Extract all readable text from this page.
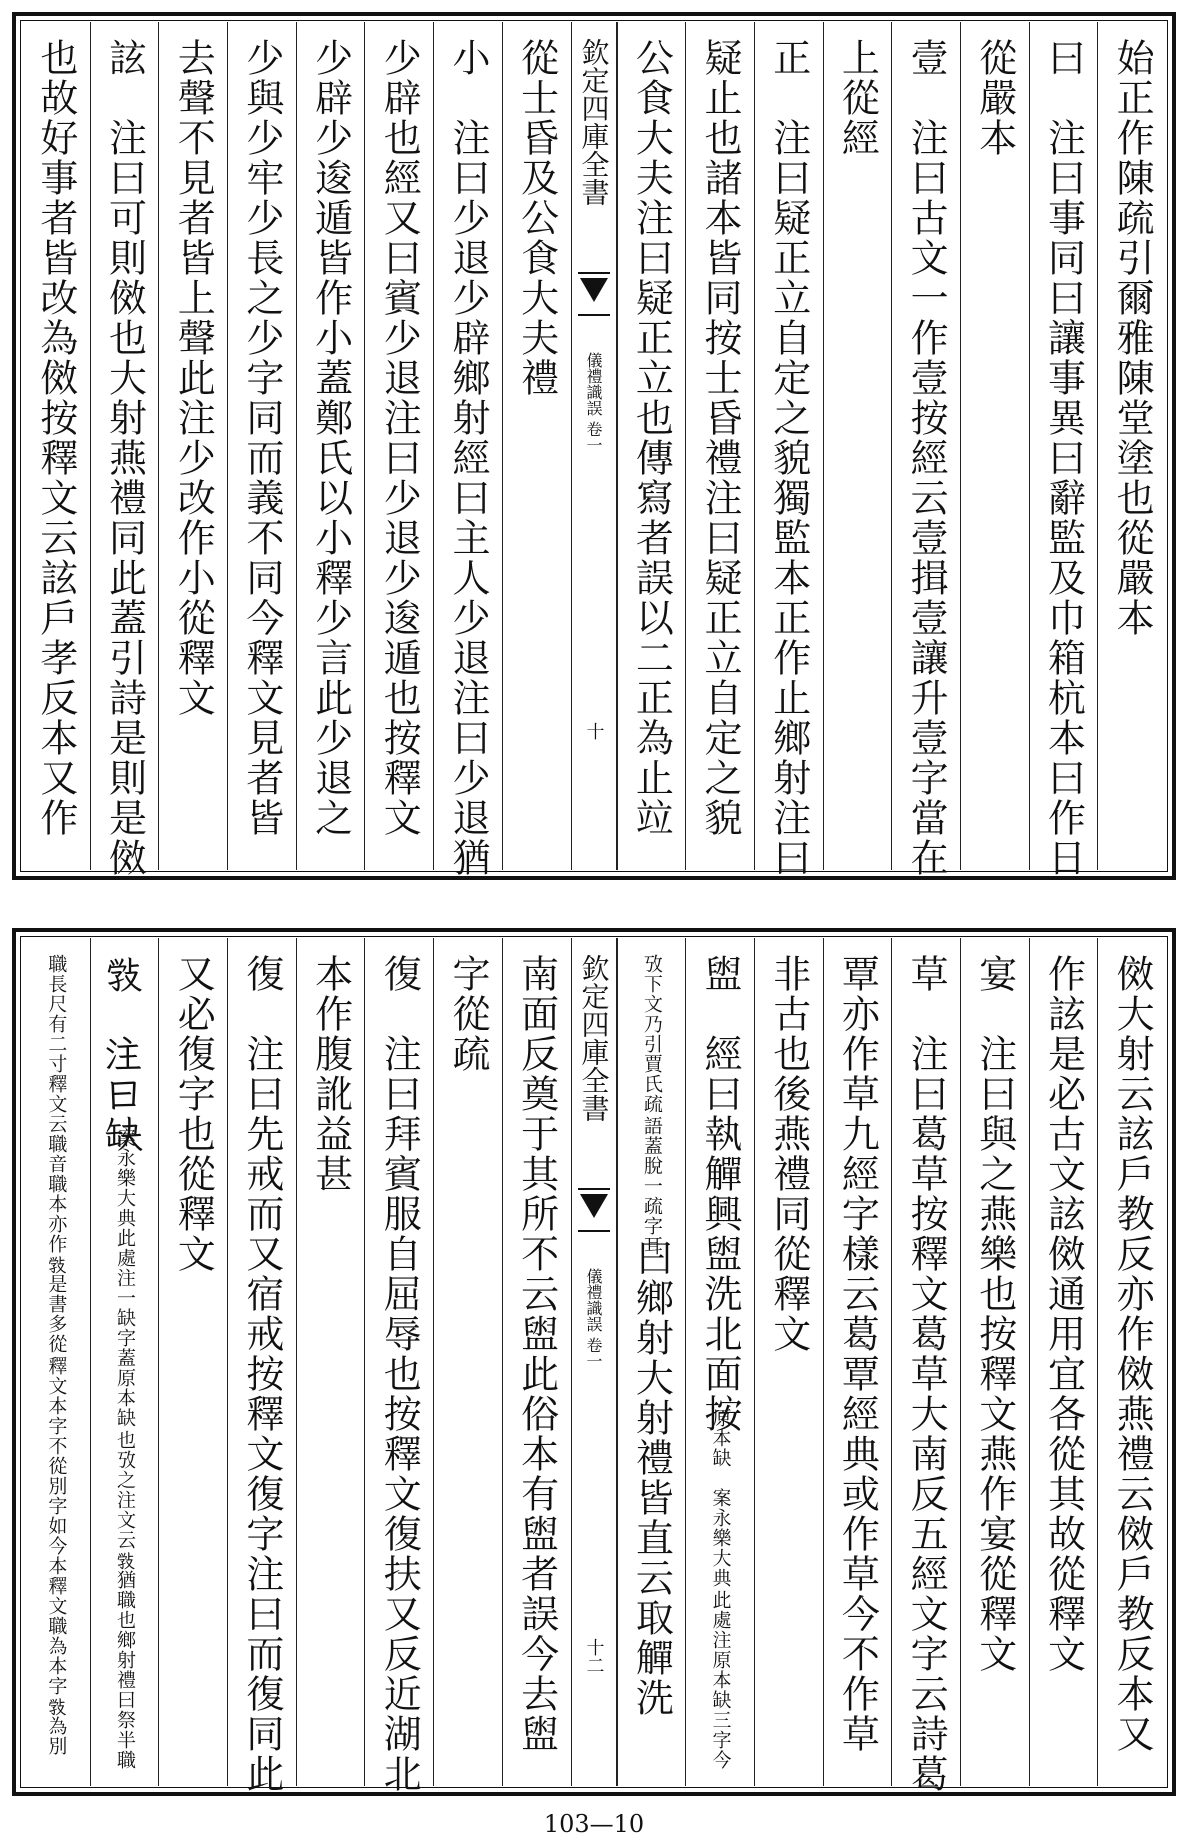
始正作陳疏引爾雅陳堂塗也從嚴本
曰　注曰事同曰讓事異曰辭監及巾箱杭本曰作日
從嚴本
壹　注曰古文一作壹按經云壹揖壹讓升壹字當在
上從經
正　注曰疑正立自定之貌獨監本正作止鄉射注曰
疑止也諸本皆同按士昏禮注曰疑正立自定之貌
公食大夫注曰疑正立也傳寫者誤以二正為止竝
欽定四庫全書
儀禮識誤 卷一
十
從士昏及公食大夫禮
小　注曰少退少辟鄉射經曰主人少退注曰少退猶
少辟也經又曰賓少退注曰少退少逡遁也按釋文
少辟少逡遁皆作小蓋鄭氏以小釋少言此少退之
少與少牢少長之少字同而義不同今釋文見者皆
去聲不見者皆上聲此注少改作小從釋文
詃　注曰可則傚也大射燕禮同此蓋引詩是則是傚
也故好事者皆改為傚按釋文云詃戶孝反本又作
傚大射云詃戶教反亦作傚燕禮云傚戶教反本又
作詃是必古文詃傚通用宜各從其故從釋文
宴　注曰與之燕樂也按釋文燕作宴從釋文
草　注曰葛草按釋文葛草大南反五經文字云詩葛
覃亦作草九經字樣云葛覃經典或作草今不作草
非古也後燕禮同從釋文
盥　經曰執觶興盥洗北面按
原本缺　案永樂大典
此處注原本缺三字今
攷下文乃引賈氏疏
語蓋脫一疏字耳
曰鄉射大射禮皆直云取觶洗
欽定四庫全書
儀禮識誤 卷一
十二
南面反奠于其所不云盥此俗本有盥者誤今去盥
字從疏
復　注曰拜賓服自屈辱也按釋文復扶又反近湖北
本作腹訛益甚
復　注曰先戒而又宿戒按釋文復字注曰而復同此
又必復字也從釋文
𢽾　注曰缺
案永樂大典此處注一缺字蓋原本缺
也攷之注文云𢽾猶職也鄉射禮曰祭半職
職長尺有二寸釋文云職音職本亦作𢽾是書多從
釋文本字不從別字如今本釋文職為本字𢽾為別
103—10
